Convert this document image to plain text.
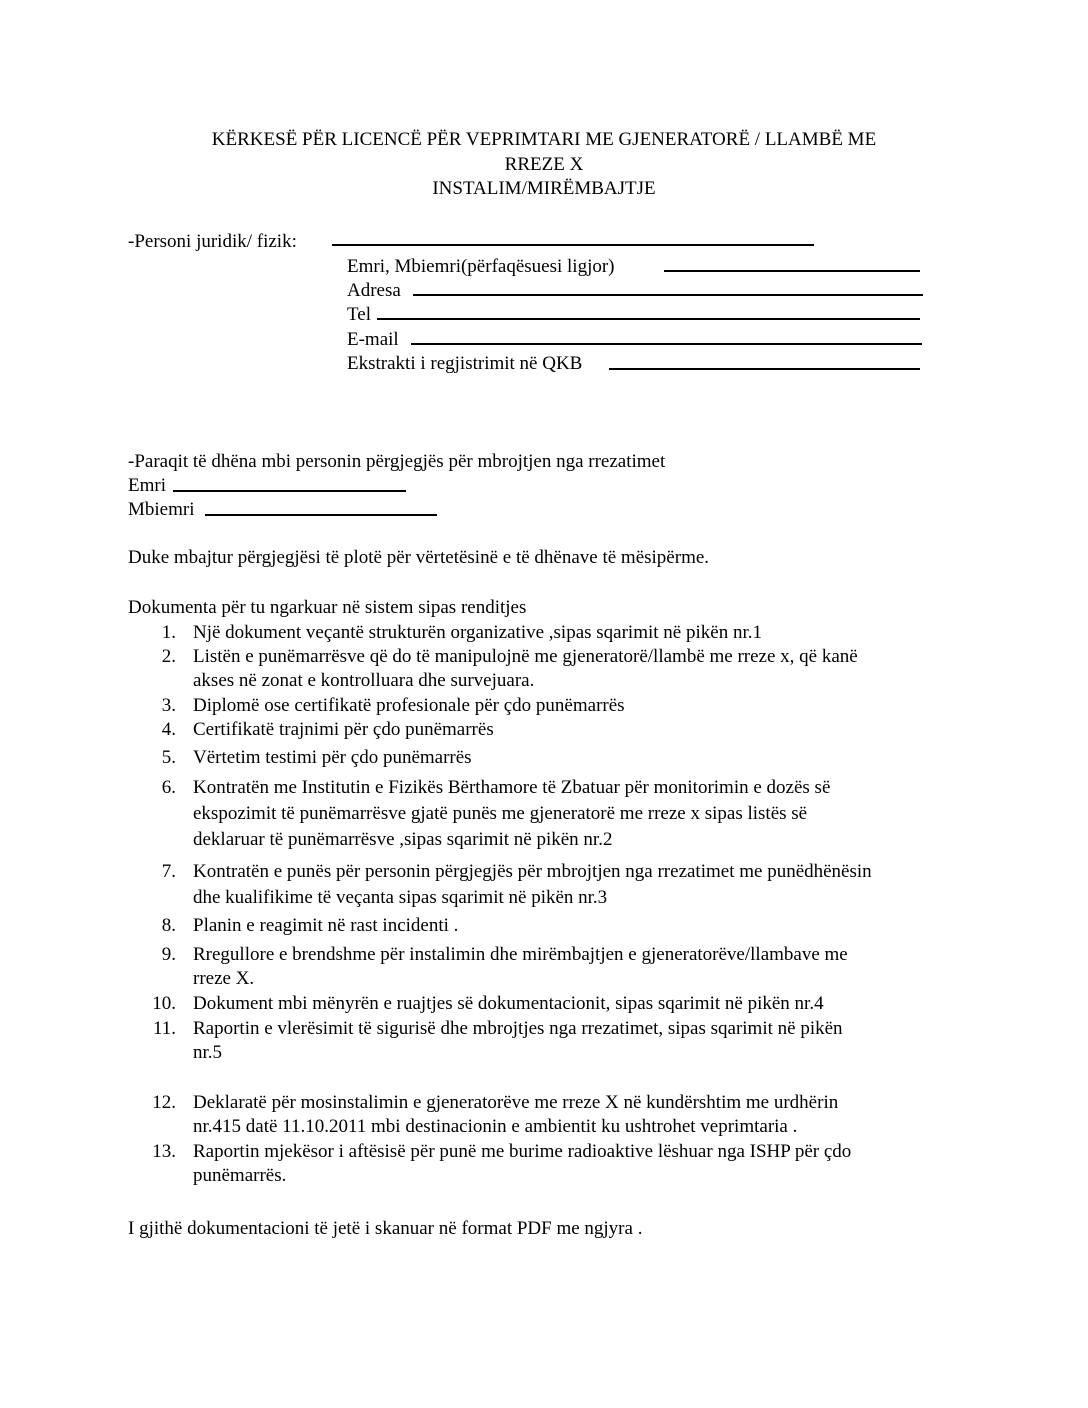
KËRKESË PËR LICENCË PËR VEPRIMTARI ME GJENERATORË / LLAMBË ME
RREZE X
INSTALIM/MIRËMBAJTJE
-Personi juridik/ fizik:
Emri, Mbiemri(përfaqësuesi ligjor)
Adresa
Tel
E-mail
Ekstrakti i regjistrimit në QKB
-Paraqit të dhëna mbi personin përgjegjës për mbrojtjen nga rrezatimet
Emri
Mbiemri
Duke mbajtur përgjegjësi të plotë për vërtetësinë e të dhënave të mësipërme.
Dokumenta për tu ngarkuar në sistem sipas renditjes
1. Një dokument veçantë strukturën organizative ,sipas sqarimit në pikën nr.1
2. Listën e punëmarrësve që do të manipulojnë me gjeneratorë/llambë me rreze x, që kanë
akses në zonat e kontrolluara dhe survejuara.
3. Diplomë ose certifikatë profesionale për çdo punëmarrës
4. Certifikatë trajnimi për çdo punëmarrës
5. Vërtetim testimi për çdo punëmarrës
6. Kontratën me Institutin e Fizikës Bërthamore të Zbatuar për monitorimin e dozës së
ekspozimit të punëmarrësve gjatë punës me gjeneratorë me rreze x sipas listës së
deklaruar të punëmarrësve ,sipas sqarimit në pikën nr.2
7. Kontratën e punës për personin përgjegjës për mbrojtjen nga rrezatimet me punëdhënësin
dhe kualifikime të veçanta sipas sqarimit në pikën nr.3
8. Planin e reagimit në rast incidenti .
9. Rregullore e brendshme për instalimin dhe mirëmbajtjen e gjeneratorëve/llambave me
rreze X.
10. Dokument mbi mënyrën e ruajtjes së dokumentacionit, sipas sqarimit në pikën nr.4
11. Raportin e vlerësimit të sigurisë dhe mbrojtjes nga rrezatimet, sipas sqarimit në pikën
nr.5
12. Deklaratë për mosinstalimin e gjeneratorëve me rreze X në kundërshtim me urdhërin
nr.415 datë 11.10.2011 mbi destinacionin e ambientit ku ushtrohet veprimtaria .
13. Raportin mjekësor i aftësisë për punë me burime radioaktive lëshuar nga ISHP për çdo
punëmarrës.
I gjithë dokumentacioni të jetë i skanuar në format PDF me ngjyra .
